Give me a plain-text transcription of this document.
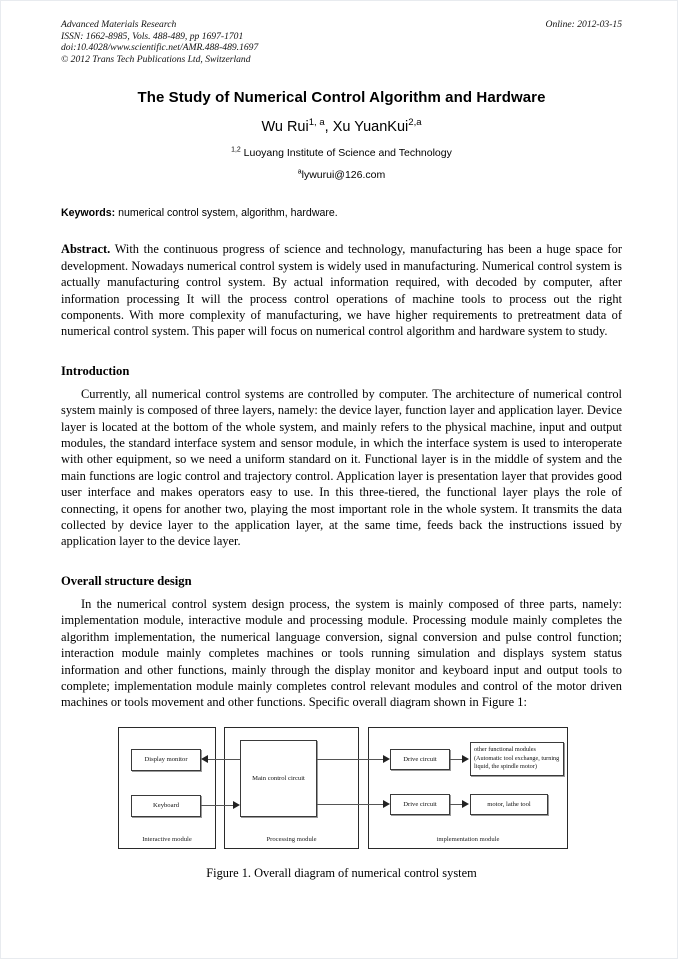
Online: 2012-03-15
Advanced Materials Research
ISSN: 1662-8985, Vols. 488-489, pp 1697-1701
doi:10.4028/www.scientific.net/AMR.488-489.1697
© 2012 Trans Tech Publications Ltd, Switzerland
The Study of Numerical Control Algorithm and Hardware
Wu Rui$^{1, a}$, Xu YuanKui$^{2,a}$
$^{1,2}$ Luoyang Institute of Science and Technology
$^a$lywurui@126.com
Keywords: numerical control system, algorithm, hardware.
Abstract. With the continuous progress of science and technology, manufacturing has been a huge space for development. Nowadays numerical control system is widely used in manufacturing. Numerical control system is actually manufacturing control system. By actual information required, with decoded by computer, after information processing It will the process control operations of machine tools to process out the right components. With more complexity of manufacturing, we have higher requirements to pretreatment data of numerical control system. This paper will focus on numerical control algorithm and hardware system to study.
Introduction

Currently, all numerical control systems are controlled by computer. The architecture of numerical control system mainly is composed of three layers, namely: the device layer, function layer and application layer. Device layer is located at the bottom of the whole system, and mainly refers to the physical machine, input and output modules, the standard interface system and sensor module, in which the interface system is used to interoperate with other equipment, so we need a uniform standard on it. Functional layer is in the middle of system and the main functions are logic control and trajectory control. Application layer is presentation layer that provides good user interface and makes operators easy to use. In this three-tiered, the functional layer plays the role of connecting, it opens for another two, playing the most important role in the whole system. It transmits the data collected by device layer to the application layer, at the same time, feeds back the instructions issued by application layer to the device layer.

Overall structure design

In the numerical control system design process, the system is mainly composed of three parts, namely: implementation module, interactive module and processing module. Processing module mainly completes the algorithm implementation, the numerical language conversion, signal conversion and pulse control function; interaction module mainly completes machines or tools running simulation and displays system status information and other functions, mainly through the display monitor and keyboard input and output tools to complete; implementation module mainly completes control relevant modules and control of the motor driven machines or tools movement and other functions. Specific overall diagram shown in Figure 1:

Interactive module	Processing module	implementation module
Display monitor
Keyboard
Main control circuit
Drive circuit
Drive circuit
other functional modules (Automatic tool exchange, turning liquid, the spindle motor)
motor, lathe tool
Figure 1. Overall diagram of numerical control system
